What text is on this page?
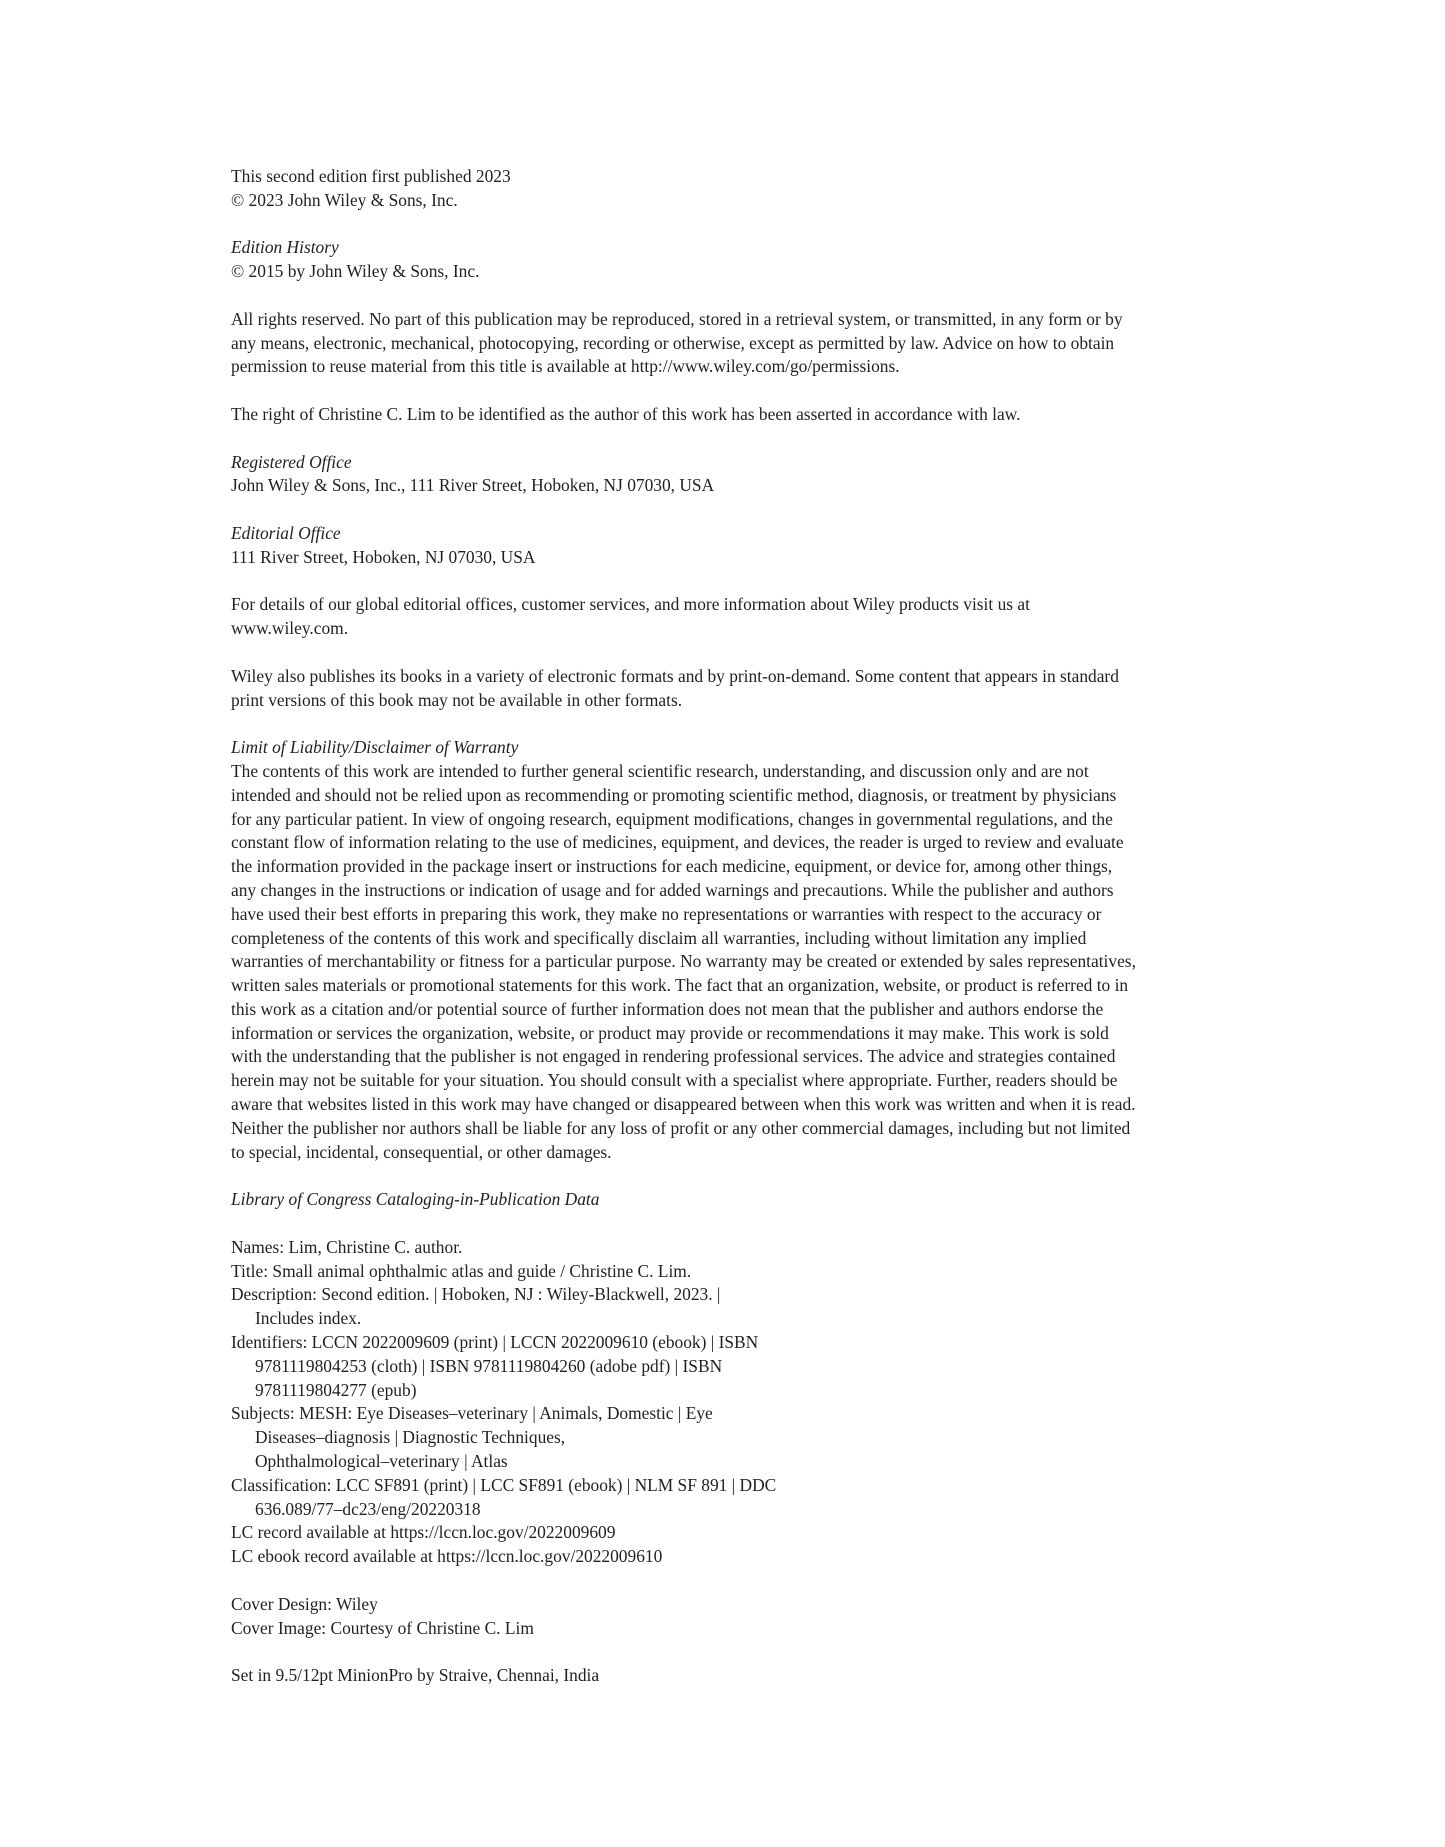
This second edition first published 2023
© 2023 John Wiley & Sons, Inc.
Edition History
© 2015 by John Wiley & Sons, Inc.
All rights reserved. No part of this publication may be reproduced, stored in a retrieval system, or transmitted, in any form or by
any means, electronic, mechanical, photocopying, recording or otherwise, except as permitted by law. Advice on how to obtain
permission to reuse material from this title is available at http://www.wiley.com/go/permissions.
The right of Christine C. Lim to be identified as the author of this work has been asserted in accordance with law.
Registered Office
John Wiley & Sons, Inc., 111 River Street, Hoboken, NJ 07030, USA
Editorial Office
111 River Street, Hoboken, NJ 07030, USA
For details of our global editorial offices, customer services, and more information about Wiley products visit us at
www.wiley.com.
Wiley also publishes its books in a variety of electronic formats and by print-on-demand. Some content that appears in standard
print versions of this book may not be available in other formats.
Limit of Liability/Disclaimer of Warranty
The contents of this work are intended to further general scientific research, understanding, and discussion only and are not
intended and should not be relied upon as recommending or promoting scientific method, diagnosis, or treatment by physicians
for any particular patient. In view of ongoing research, equipment modifications, changes in governmental regulations, and the
constant flow of information relating to the use of medicines, equipment, and devices, the reader is urged to review and evaluate
the information provided in the package insert or instructions for each medicine, equipment, or device for, among other things,
any changes in the instructions or indication of usage and for added warnings and precautions. While the publisher and authors
have used their best efforts in preparing this work, they make no representations or warranties with respect to the accuracy or
completeness of the contents of this work and specifically disclaim all warranties, including without limitation any implied
warranties of merchantability or fitness for a particular purpose. No warranty may be created or extended by sales representatives,
written sales materials or promotional statements for this work. The fact that an organization, website, or product is referred to in
this work as a citation and/or potential source of further information does not mean that the publisher and authors endorse the
information or services the organization, website, or product may provide or recommendations it may make. This work is sold
with the understanding that the publisher is not engaged in rendering professional services. The advice and strategies contained
herein may not be suitable for your situation. You should consult with a specialist where appropriate. Further, readers should be
aware that websites listed in this work may have changed or disappeared between when this work was written and when it is read.
Neither the publisher nor authors shall be liable for any loss of profit or any other commercial damages, including but not limited
to special, incidental, consequential, or other damages.
Library of Congress Cataloging-in-Publication Data
Names: Lim, Christine C. author.
Title: Small animal ophthalmic atlas and guide / Christine C. Lim.
Description: Second edition. | Hoboken, NJ : Wiley-Blackwell, 2023. |
Includes index.
Identifiers: LCCN 2022009609 (print) | LCCN 2022009610 (ebook) | ISBN
9781119804253 (cloth) | ISBN 9781119804260 (adobe pdf) | ISBN
9781119804277 (epub)
Subjects: MESH: Eye Diseases–veterinary | Animals, Domestic | Eye
Diseases–diagnosis | Diagnostic Techniques,
Ophthalmological–veterinary | Atlas
Classification: LCC SF891 (print) | LCC SF891 (ebook) | NLM SF 891 | DDC
636.089/77–dc23/eng/20220318
LC record available at https://lccn.loc.gov/2022009609
LC ebook record available at https://lccn.loc.gov/2022009610
Cover Design: Wiley
Cover Image: Courtesy of Christine C. Lim
Set in 9.5/12pt MinionPro by Straive, Chennai, India
